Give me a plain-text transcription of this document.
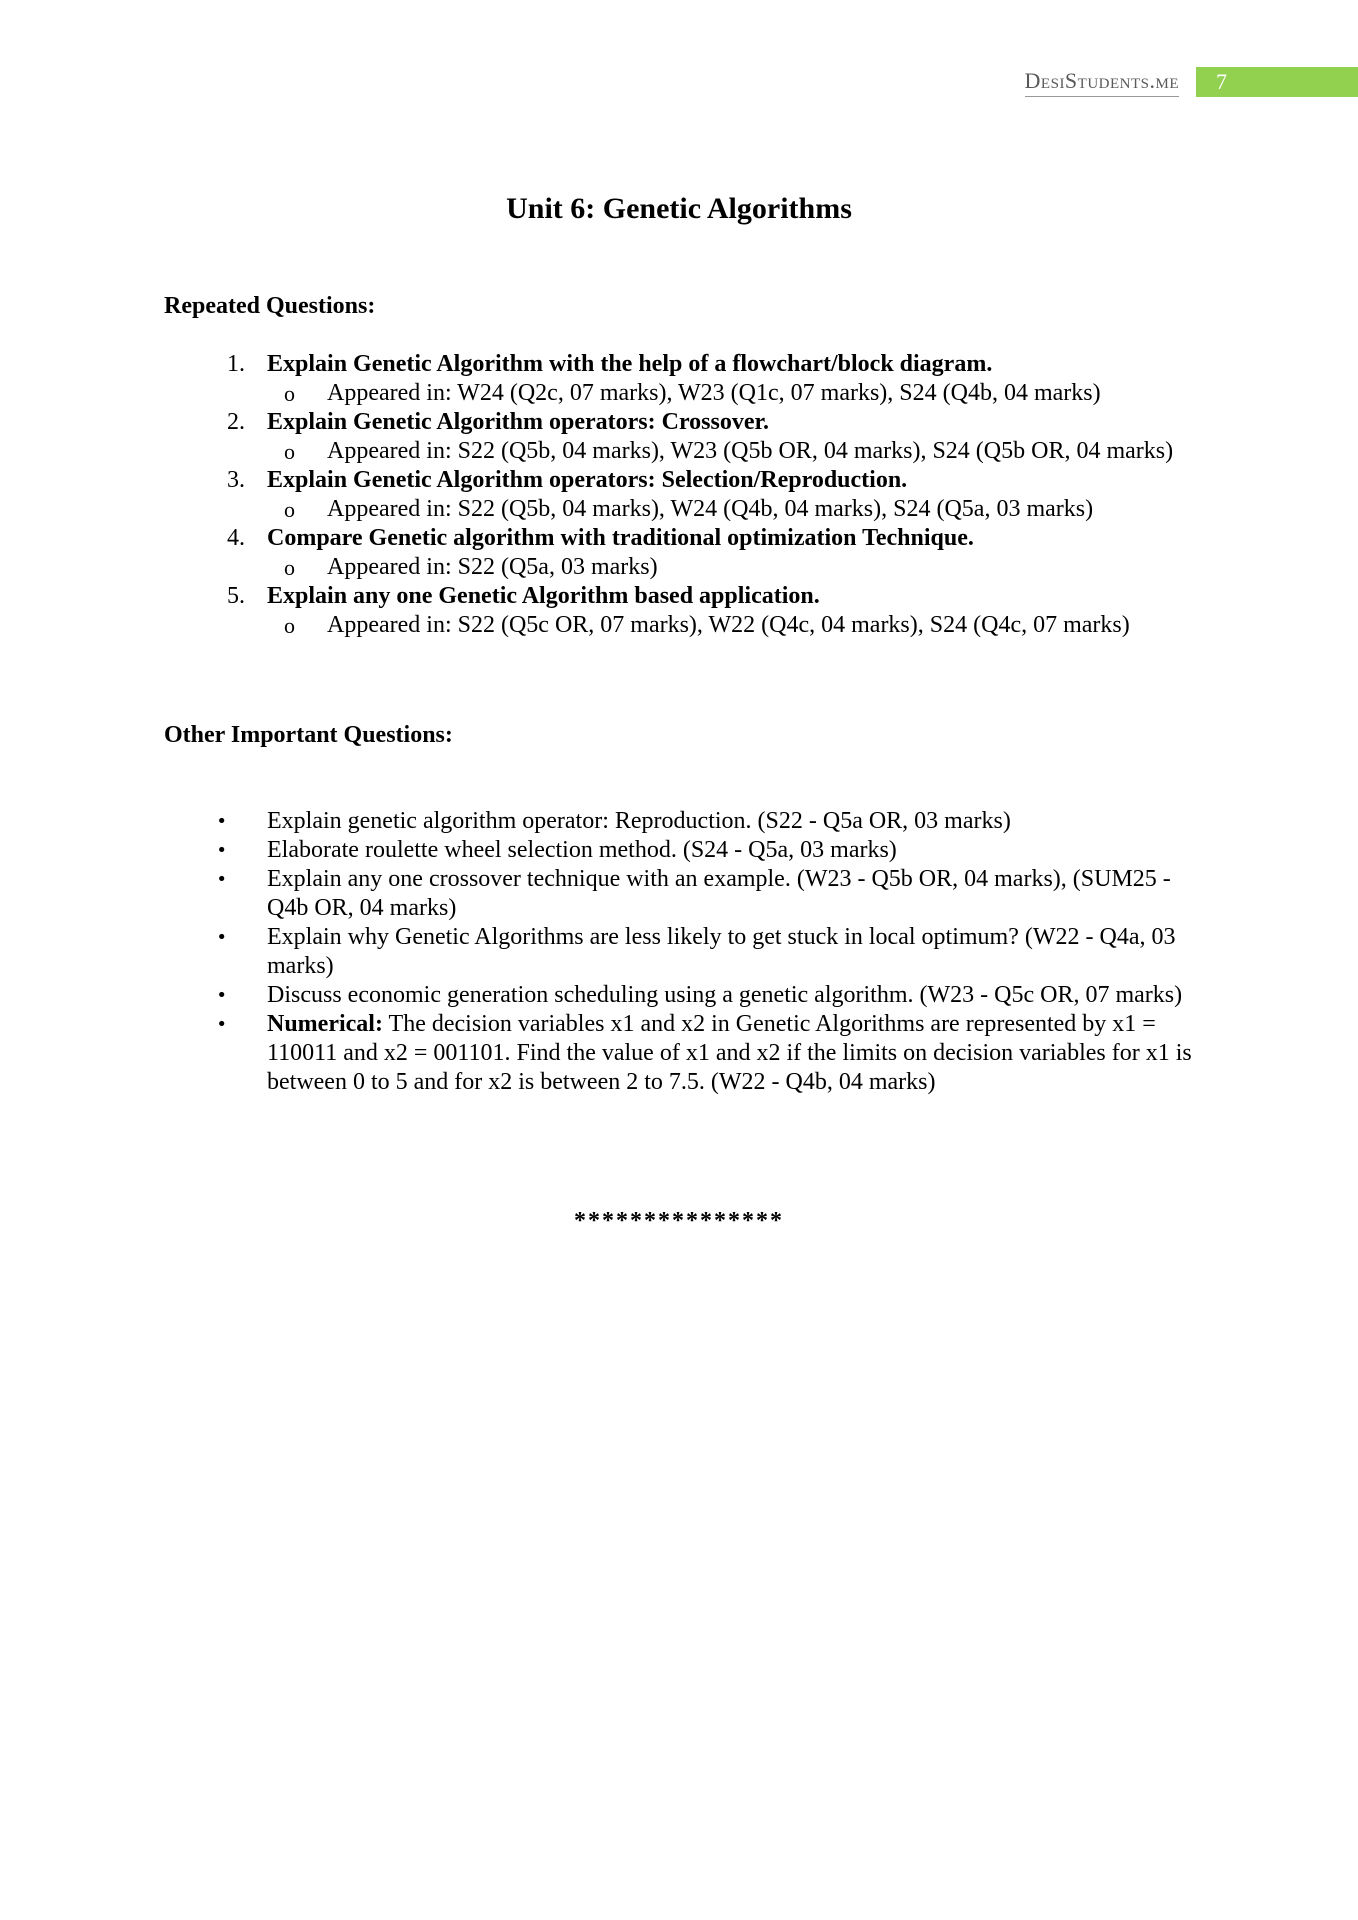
DesiStudents.me	7
Unit 6: Genetic Algorithms
Repeated Questions:
1. Explain Genetic Algorithm with the help of a flowchart/block diagram.
o	Appeared in: W24 (Q2c, 07 marks), W23 (Q1c, 07 marks), S24 (Q4b, 04 marks)
2. Explain Genetic Algorithm operators: Crossover.
o	Appeared in: S22 (Q5b, 04 marks), W23 (Q5b OR, 04 marks), S24 (Q5b OR, 04 marks)
3. Explain Genetic Algorithm operators: Selection/Reproduction.
o	Appeared in: S22 (Q5b, 04 marks), W24 (Q4b, 04 marks), S24 (Q5a, 03 marks)
4. Compare Genetic algorithm with traditional optimization Technique.
o	Appeared in: S22 (Q5a, 03 marks)
5. Explain any one Genetic Algorithm based application.
o	Appeared in: S22 (Q5c OR, 07 marks), W22 (Q4c, 04 marks), S24 (Q4c, 07 marks)
Other Important Questions:
•	Explain genetic algorithm operator: Reproduction. (S22 - Q5a OR, 03 marks)
•	Elaborate roulette wheel selection method. (S24 - Q5a, 03 marks)
•	Explain any one crossover technique with an example. (W23 - Q5b OR, 04 marks), (SUM25 - Q4b OR, 04 marks)
•	Explain why Genetic Algorithms are less likely to get stuck in local optimum? (W22 - Q4a, 03 marks)
•	Discuss economic generation scheduling using a genetic algorithm. (W23 - Q5c OR, 07 marks)
•	Numerical: The decision variables x1 and x2 in Genetic Algorithms are represented by x1 = 110011 and x2 = 001101. Find the value of x1 and x2 if the limits on decision variables for x1 is between 0 to 5 and for x2 is between 2 to 7.5. (W22 - Q4b, 04 marks)
***************
